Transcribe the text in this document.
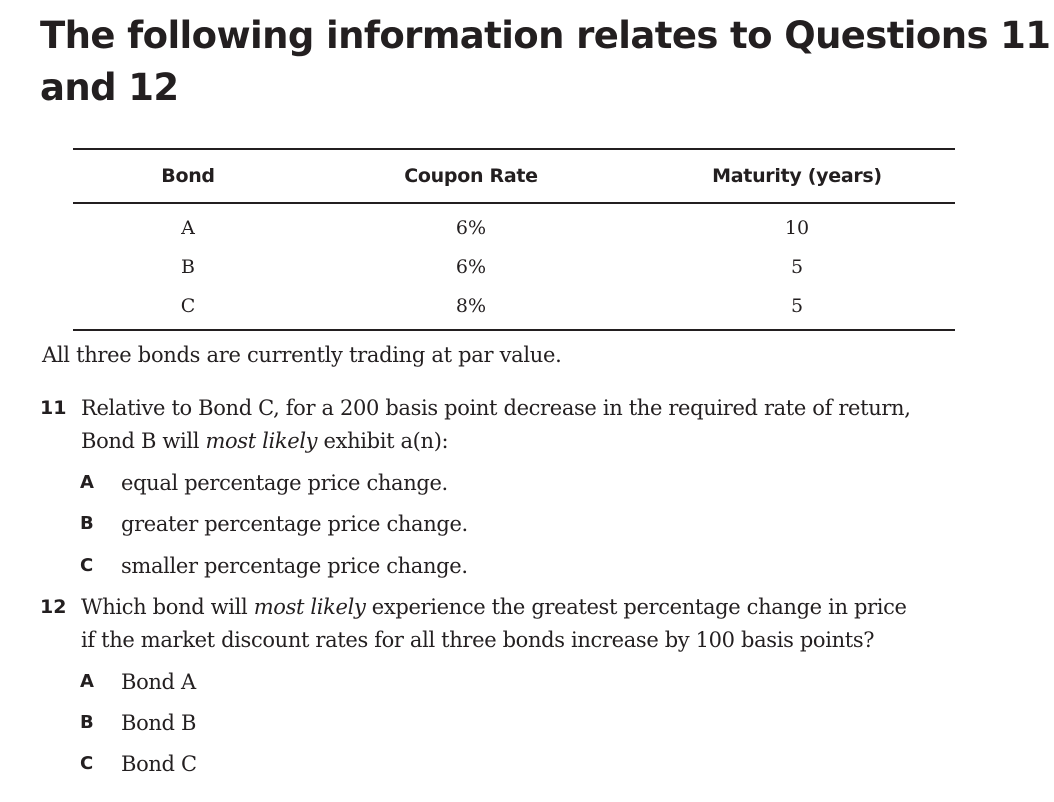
The following information relates to Questions 11
and 12
Bond	Coupon Rate	Maturity (years)
A	6%	10
B	6%	5
C	8%	5

All three bonds are currently trading at par value.

11 Relative to Bond C, for a 200 basis point decrease in the required rate of return,
Bond B will most likely exhibit a(n):
A equal percentage price change.
B greater percentage price change.
C smaller percentage price change.
12 Which bond will most likely experience the greatest percentage change in price
if the market discount rates for all three bonds increase by 100 basis points?
A Bond A
B Bond B
C Bond C
